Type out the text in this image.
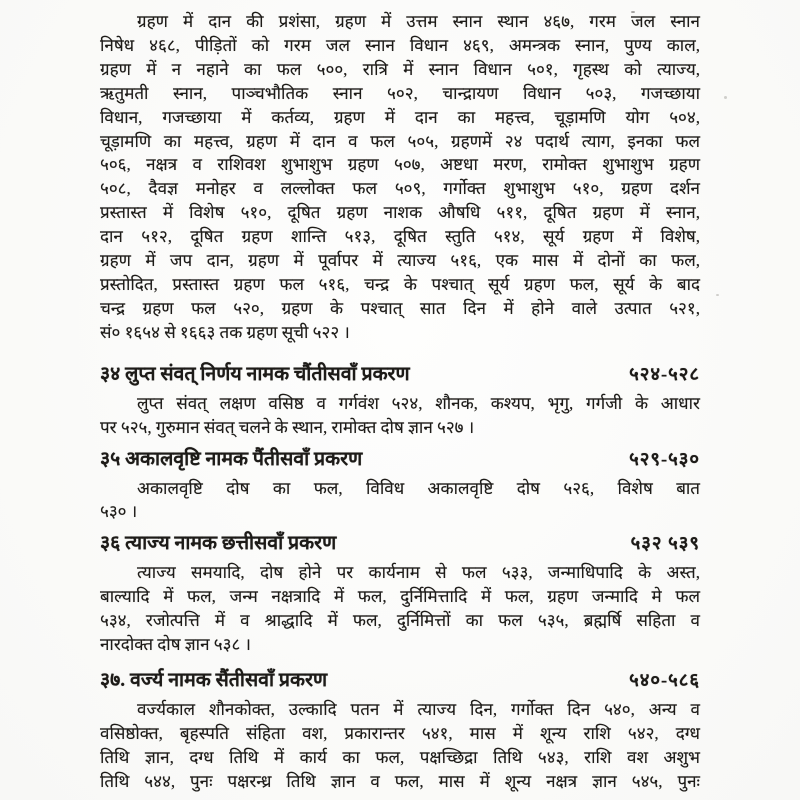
ग्रहण में दान की प्रशंसा, ग्रहण में उत्तम स्नान स्थान ४६७, गरम जल स्नान
निषेध ४६८, पीड़ितों को गरम जल स्नान विधान ४६९, अमन्त्रक स्नान, पुण्य काल,
ग्रहण में न नहाने का फल ५००, रात्रि में स्नान विधान ५०१, गृहस्थ को त्याज्य,
ऋतुमती स्नान, पाञ्चभौतिक स्नान ५०२, चान्द्रायण विधान ५०३, गजच्छाया
विधान, गजच्छाया में कर्तव्य, ग्रहण में दान का महत्त्व, चूड़ामणि योग ५०४,
चूड़ामणि का महत्त्व, ग्रहण में दान व फल ५०५, ग्रहणमें २४ पदार्थ त्याग, इनका फल
५०६, नक्षत्र व राशिवश शुभाशुभ ग्रहण ५०७, अष्टधा मरण, रामोक्त शुभाशुभ ग्रहण
५०८, दैवज्ञ मनोहर व लल्लोक्त फल ५०९, गर्गोक्त शुभाशुभ ५१०, ग्रहण दर्शन
प्रस्तास्त में विशेष ५१०, दूषित ग्रहण नाशक औषधि ५११, दूषित ग्रहण में स्नान,
दान ५१२, दूषित ग्रहण शान्ति ५१३, दूषित स्तुति ५१४, सूर्य ग्रहण में विशेष,
ग्रहण में जप दान, ग्रहण में पूर्वापर में त्याज्य ५१६, एक मास में दोनों का फल,
प्रस्तोदित, प्रस्तास्त ग्रहण फल ५१६, चन्द्र के पश्चात् सूर्य ग्रहण फल, सूर्य के बाद
चन्द्र ग्रहण फल ५२०, ग्रहण के पश्चात् सात दिन में होने वाले उत्पात ५२१,
सं० १६५४ से १६६३ तक ग्रहण सूची ५२२ ।
३४ लुप्त संवत् निर्णय नामक चौंतीसवाँ प्रकरण	५२४-५२८
लुप्त संवत् लक्षण वसिष्ठ व गर्गवंश ५२४, शौनक, कश्यप, भृगु, गर्गजी के आधार
पर ५२५, गुरुमान संवत् चलने के स्थान, रामोक्त दोष ज्ञान ५२७ ।
३५ अकालवृष्टि नामक पैंतीसवाँ प्रकरण	५२९-५३०
अकालवृष्टि दोष का फल, विविध अकालवृष्टि दोष ५२६, विशेष बात
५३० ।
३६ त्याज्य नामक छत्तीसवाँ प्रकरण	५३२ ५३९
त्याज्य समयादि, दोष होने पर कार्यनाम से फल ५३३, जन्माधिपादि के अस्त,
बाल्यादि में फल, जन्म नक्षत्रादि में फल, दुर्निमित्तादि में फल, ग्रहण जन्मादि मे फल
५३४, रजोत्पत्ति में व श्राद्धादि में फल, दुर्निमित्तों का फल ५३५, ब्रह्मर्षि सहिता व
नारदोक्त दोष ज्ञान ५३८ ।
३७. वर्ज्य नामक सैंतीसवाँ प्रकरण	५४०-५८६
वर्ज्यकाल शौनकोक्त, उल्कादि पतन में त्याज्य दिन, गर्गोक्त दिन ५४०, अन्य व
वसिष्ठोक्त, बृहस्पति संहिता वश, प्रकारान्तर ५४१, मास में शून्य राशि ५४२, दग्ध
तिथि ज्ञान, दग्ध तिथि में कार्य का फल, पक्षच्छिद्रा तिथि ५४३, राशि वश अशुभ
तिथि ५४४, पुनः पक्षरन्ध्र तिथि ज्ञान व फल, मास में शून्य नक्षत्र ज्ञान ५४५, पुनः
